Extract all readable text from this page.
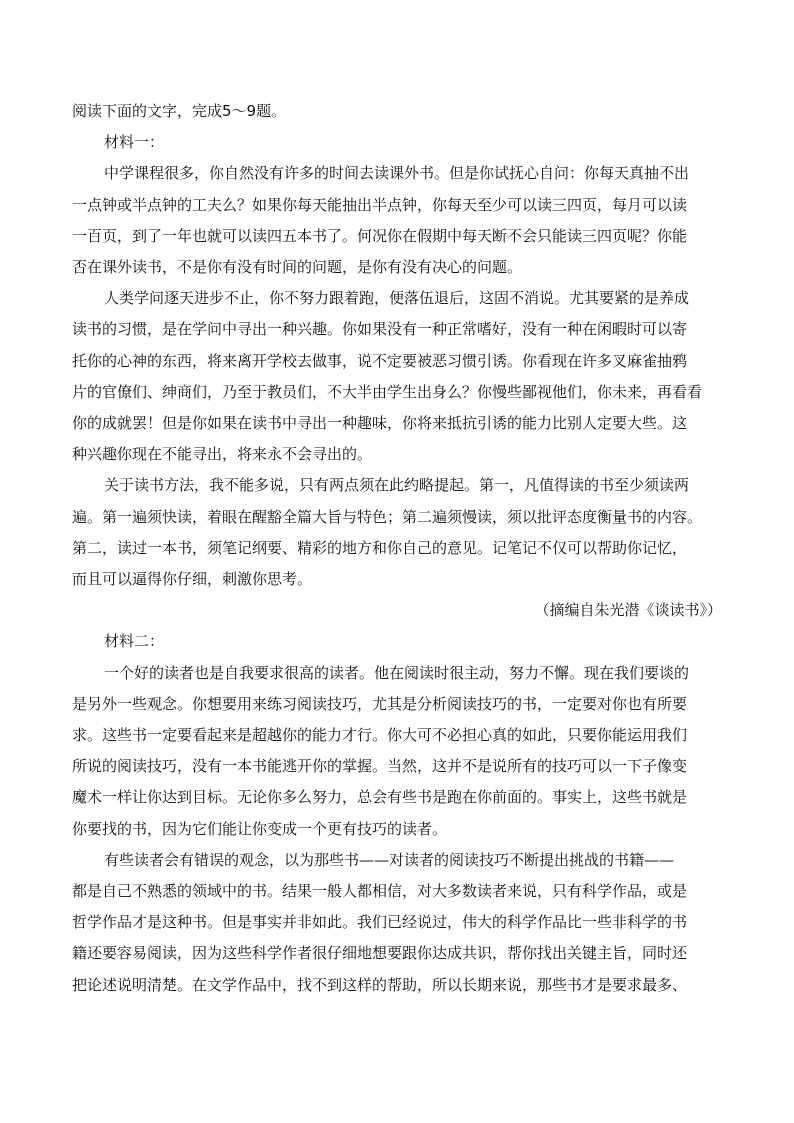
阅读下面的文字，完成5～9题。

材料一：

中学课程很多，你自然没有许多的时间去读课外书。但是你试抚心自问：你每天真抽不出

一点钟或半点钟的工夫么？如果你每天能抽出半点钟，你每天至少可以读三四页，每月可以读

一百页，到了一年也就可以读四五本书了。何况你在假期中每天断不会只能读三四页呢？你能

否在课外读书，不是你有没有时间的问题，是你有没有决心的问题。

人类学问逐天进步不止，你不努力跟着跑，便落伍退后，这固不消说。尤其要紧的是养成

读书的习惯，是在学问中寻出一种兴趣。你如果没有一种正常嗜好，没有一种在闲暇时可以寄

托你的心神的东西，将来离开学校去做事，说不定要被恶习惯引诱。你看现在许多叉麻雀抽鸦

片的官僚们、绅商们，乃至于教员们，不大半由学生出身么？你慢些鄙视他们，你未来，再看看

你的成就罢！但是你如果在读书中寻出一种趣味，你将来抵抗引诱的能力比别人定要大些。这

种兴趣你现在不能寻出，将来永不会寻出的。

关于读书方法，我不能多说，只有两点须在此约略提起。第一，凡值得读的书至少须读两

遍。第一遍须快读，着眼在醒豁全篇大旨与特色；第二遍须慢读，须以批评态度衡量书的内容。

第二，读过一本书，须笔记纲要、精彩的地方和你自己的意见。记笔记不仅可以帮助你记忆，

而且可以逼得你仔细，刺激你思考。

（摘编自朱光潜《谈读书》）

材料二：

一个好的读者也是自我要求很高的读者。他在阅读时很主动，努力不懈。现在我们要谈的

是另外一些观念。你想要用来练习阅读技巧，尤其是分析阅读技巧的书，一定要对你也有所要

求。这些书一定要看起来是超越你的能力才行。你大可不必担心真的如此，只要你能运用我们

所说的阅读技巧，没有一本书能逃开你的掌握。当然，这并不是说所有的技巧可以一下子像变

魔术一样让你达到目标。无论你多么努力，总会有些书是跑在你前面的。事实上，这些书就是

你要找的书，因为它们能让你变成一个更有技巧的读者。

有些读者会有错误的观念，以为那些书——对读者的阅读技巧不断提出挑战的书籍——

都是自己不熟悉的领域中的书。结果一般人都相信，对大多数读者来说，只有科学作品，或是

哲学作品才是这种书。但是事实并非如此。我们已经说过，伟大的科学作品比一些非科学的书

籍还要容易阅读，因为这些科学作者很仔细地想要跟你达成共识，帮你找出关键主旨，同时还

把论述说明清楚。在文学作品中，找不到这样的帮助，所以长期来说，那些书才是要求最多、
